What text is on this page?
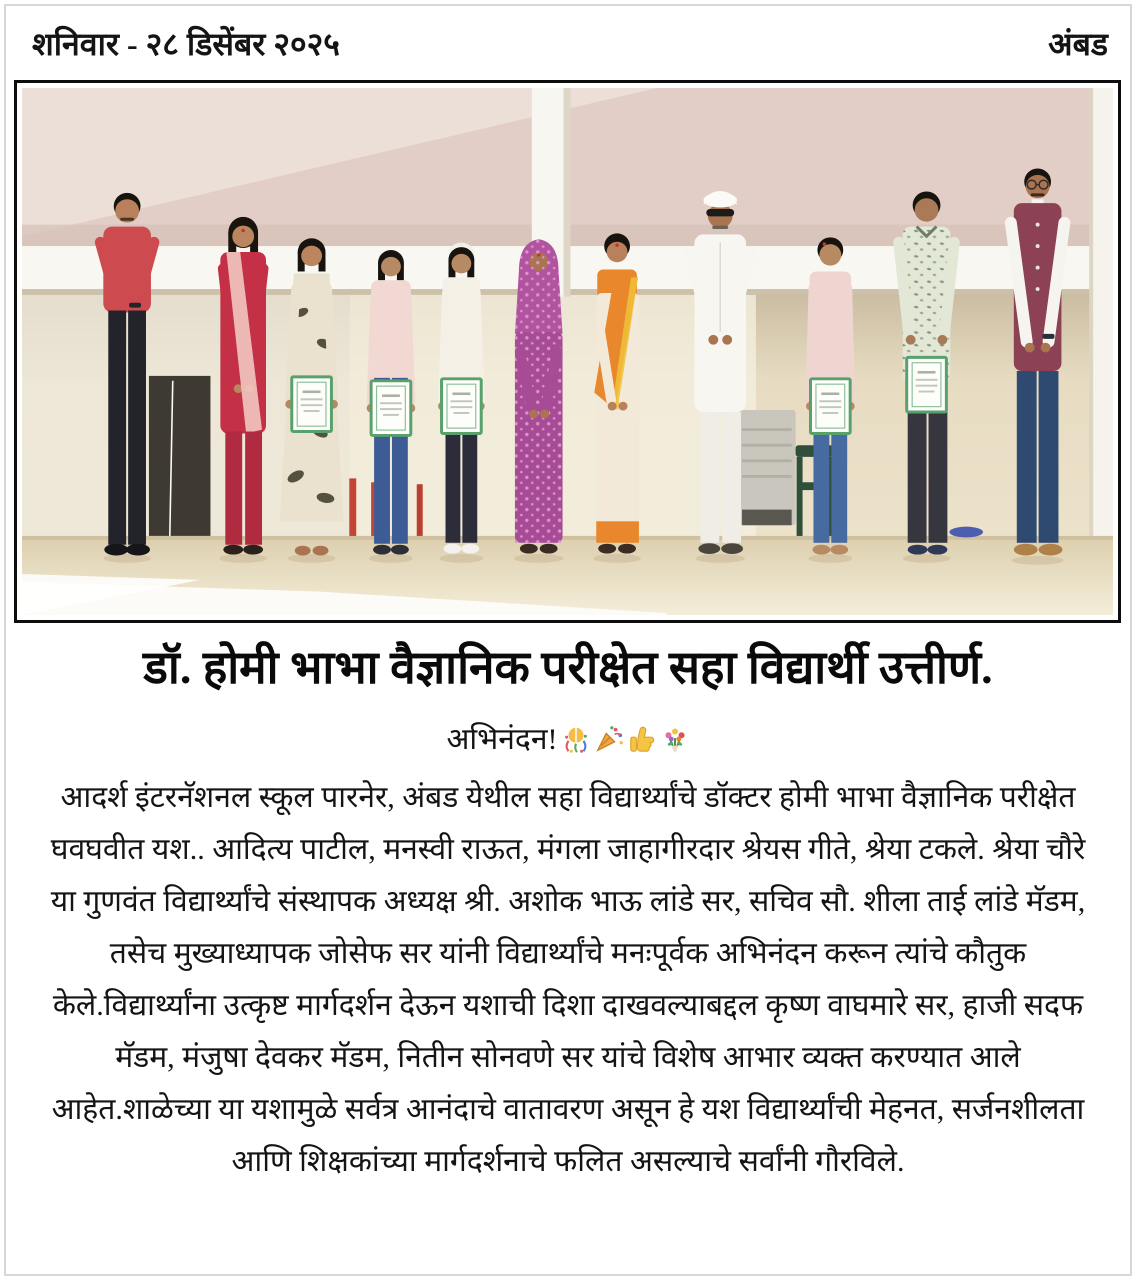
शनिवार - २८ डिसेंबर २०२५	अंबड
डॉ. होमी भाभा वैज्ञानिक परीक्षेत सहा विद्यार्थी उत्तीर्ण.
अभिनंदन!
आदर्श इंटरनॅशनल स्कूल पारनेर, अंबड येथील सहा विद्यार्थ्यांचे डॉक्टर होमी भाभा वैज्ञानिक परीक्षेत
घवघवीत यश.. आदित्य पाटील, मनस्वी राऊत, मंगला जाहागीरदार श्रेयस गीते, श्रेया टकले. श्रेया चौरे
या गुणवंत विद्यार्थ्यांचे संस्थापक अध्यक्ष श्री. अशोक भाऊ लांडे सर, सचिव सौ. शीला ताई लांडे मॅडम,
तसेच मुख्याध्यापक जोसेफ सर यांनी विद्यार्थ्यांचे मनःपूर्वक अभिनंदन करून त्यांचे कौतुक
केले.विद्यार्थ्यांना उत्कृष्ट मार्गदर्शन देऊन यशाची दिशा दाखवल्याबद्दल कृष्ण वाघमारे सर, हाजी सदफ
मॅडम, मंजुषा देवकर मॅडम, नितीन सोनवणे सर यांचे विशेष आभार व्यक्त करण्यात आले
आहेत.शाळेच्या या यशामुळे सर्वत्र आनंदाचे वातावरण असून हे यश विद्यार्थ्यांची मेहनत, सर्जनशीलता
आणि शिक्षकांच्या मार्गदर्शनाचे फलित असल्याचे सर्वांनी गौरविले.
